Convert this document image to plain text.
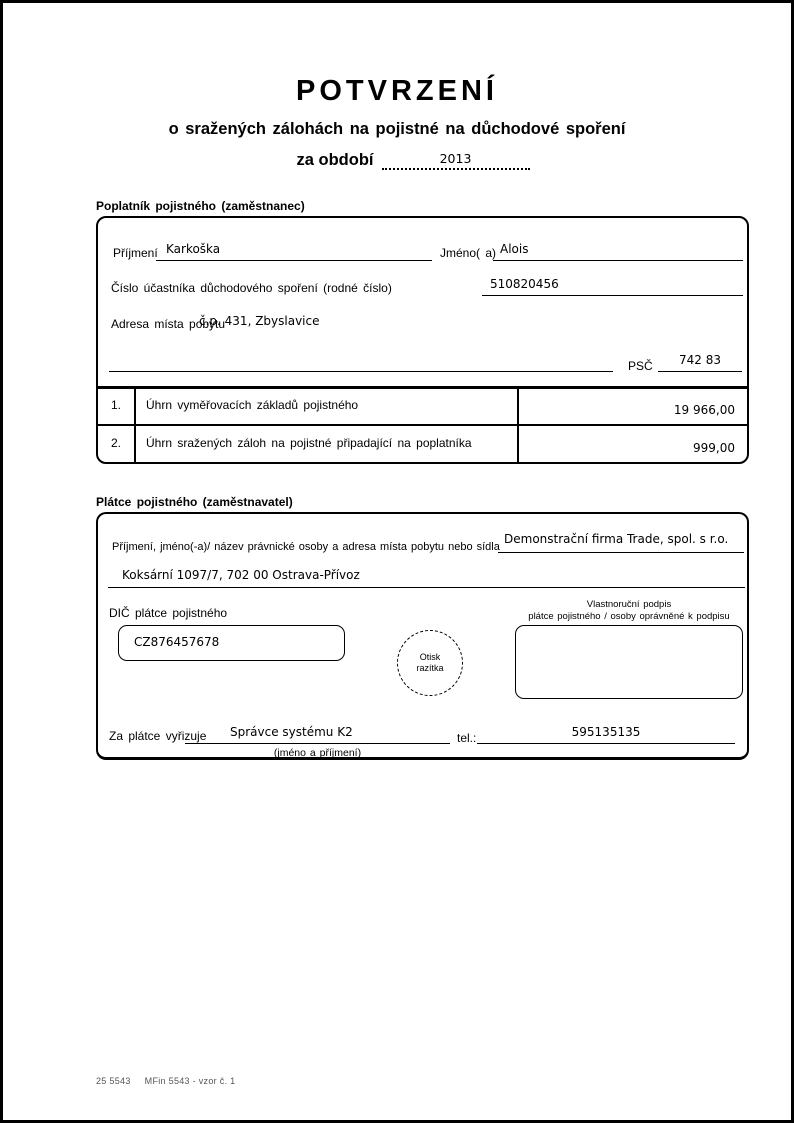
POTVRZENÍ
o sražených zálohách na pojistné na důchodové spoření
za období	2013
Poplatník pojistného (zaměstnanec)
Příjmení Karkoška	Jméno( a) Alois
Číslo účastníka důchodového spoření (rodné číslo)	510820456
Adresa místa pobytu
č.p. 431, Zbyslavice
PSČ	742 83
1.	Úhrn vyměřovacích základů pojistného	19 966,00
2.	Úhrn sražených záloh na pojistné připadající na poplatníka	999,00
Plátce pojistného (zaměstnavatel)
Příjmení, jméno(-a)/ název právnické osoby a adresa místa pobytu nebo sídla
Demonstrační firma Trade, spol. s r.o.
Koksární 1097/7, 702 00 Ostrava-Přívoz
DIČ plátce pojistného
CZ876457678
Otisk
razítka
Vlastnoruční podpis
plátce pojistného / osoby oprávněné k podpisu
Za plátce vyřizuje Správce systému K2
(jméno a příjmení)
tel.:	595135135
25 5543 MFin 5543 - vzor č. 1
